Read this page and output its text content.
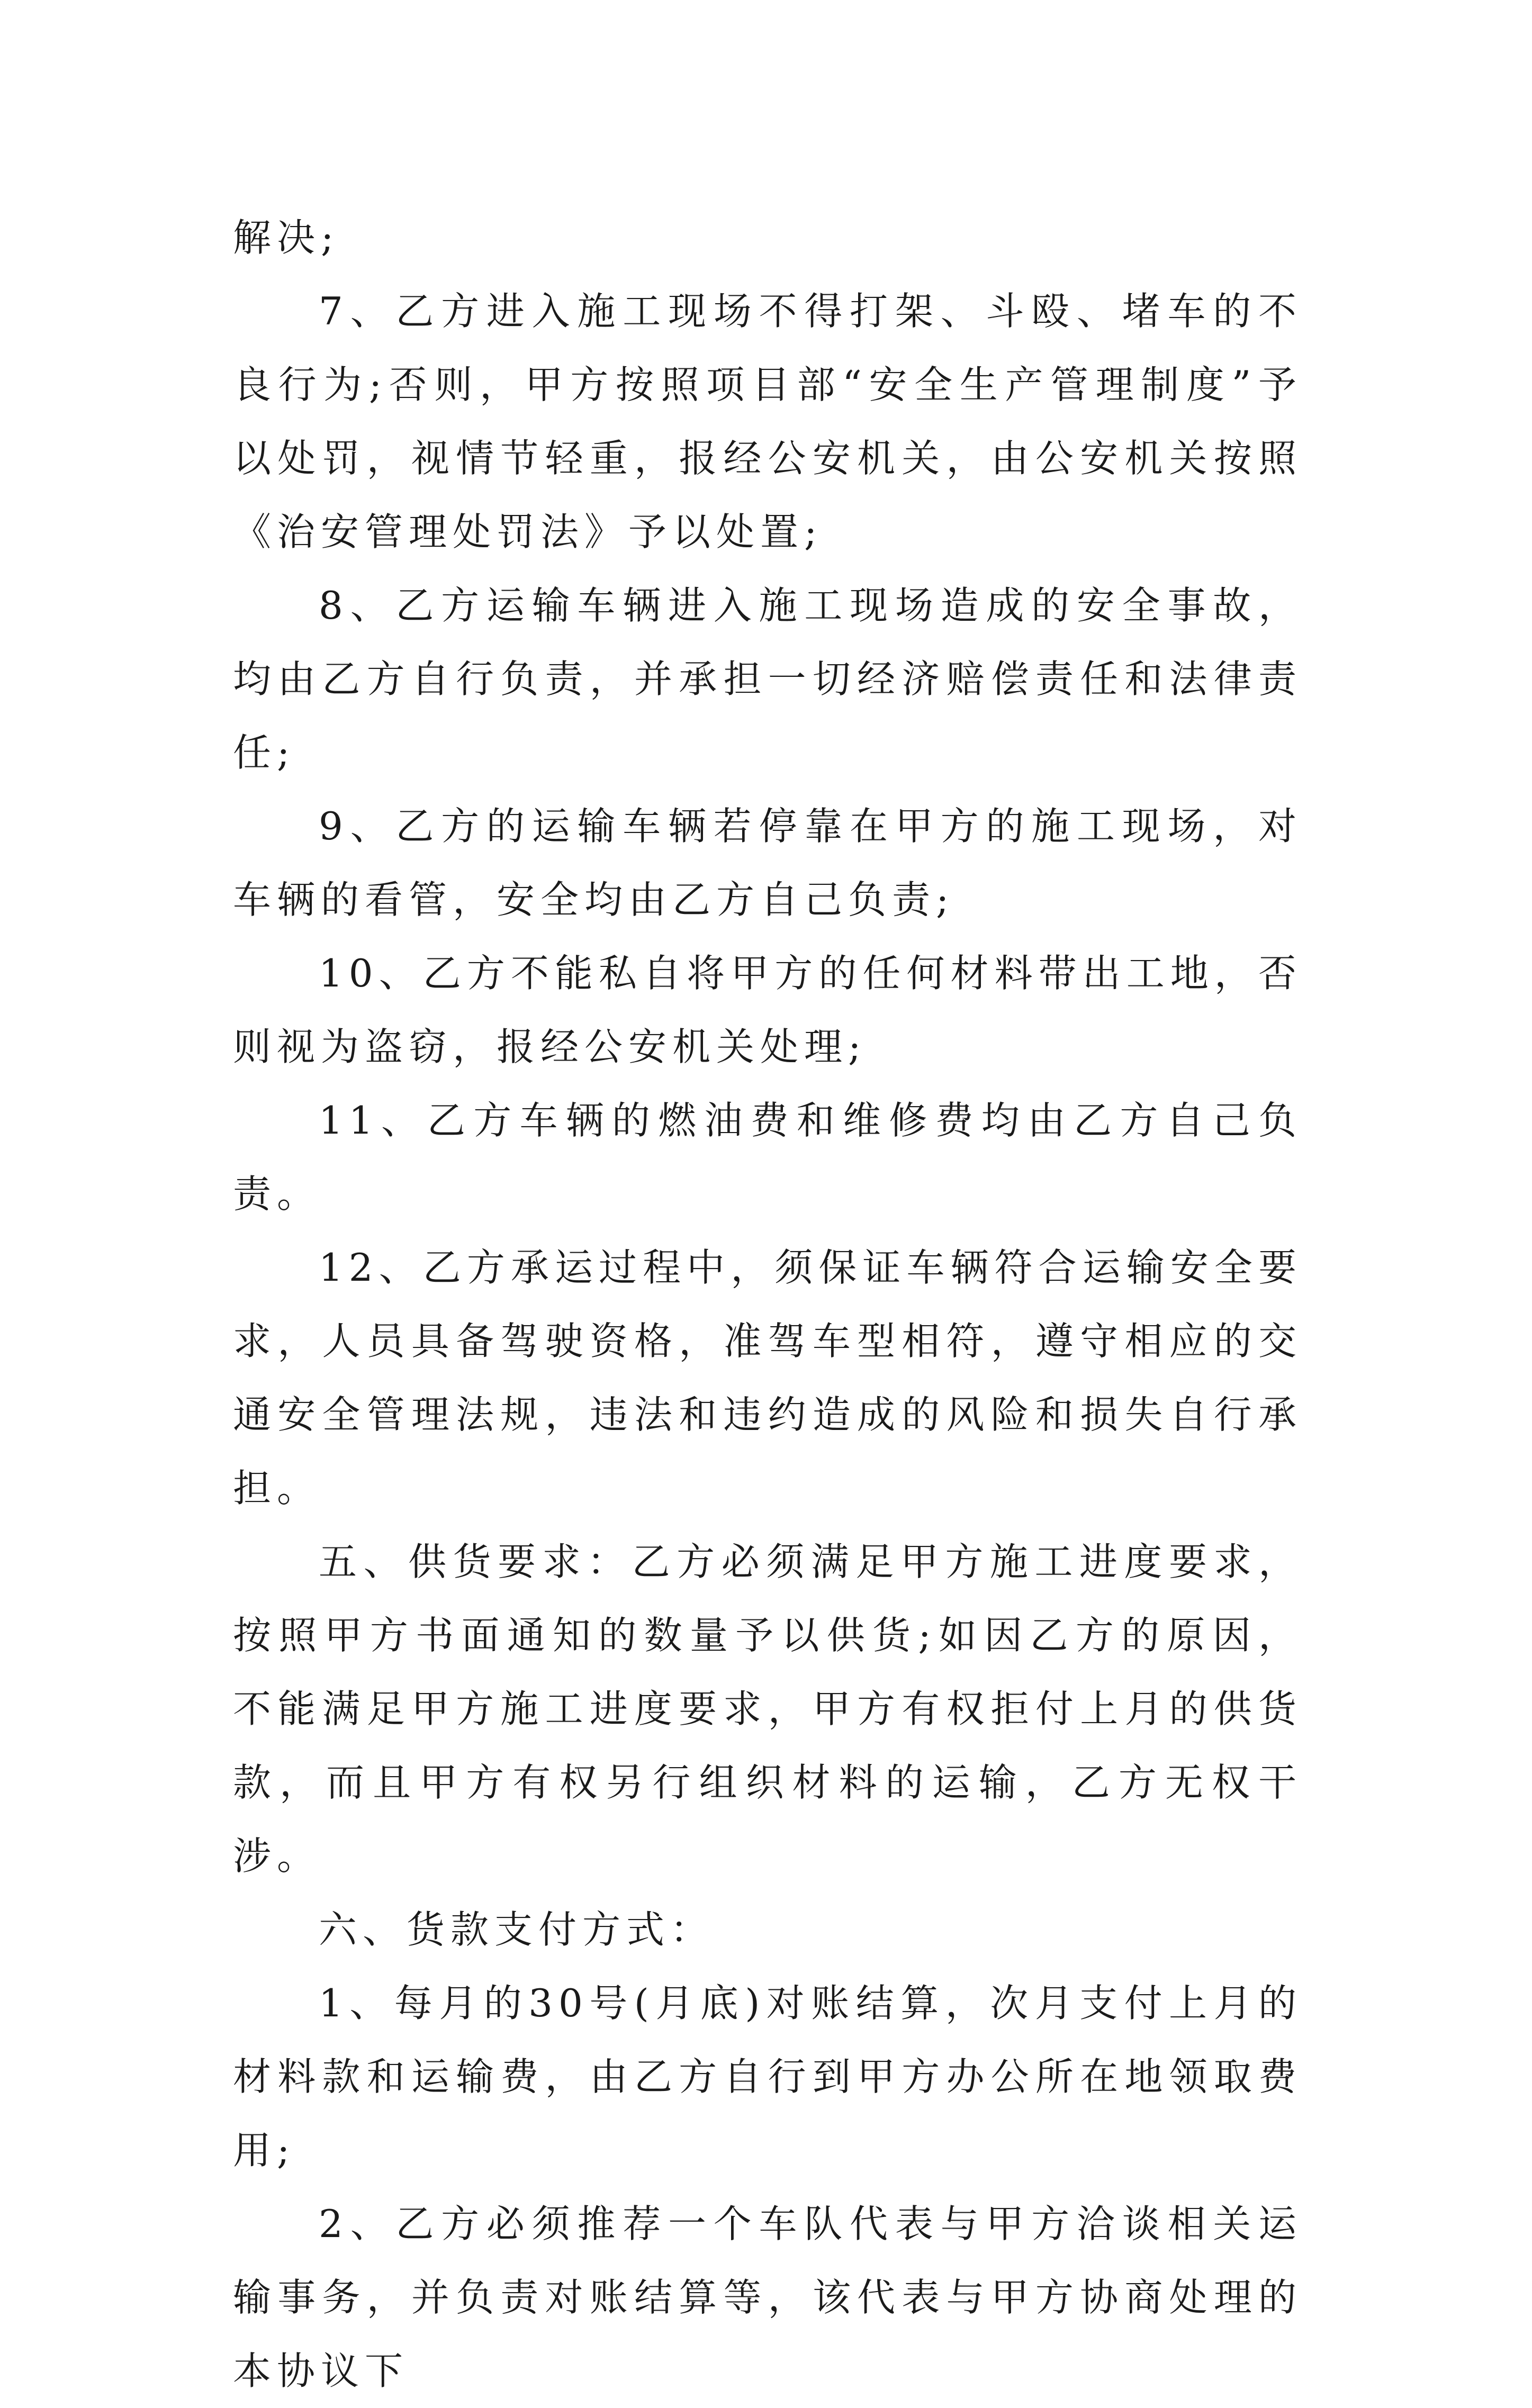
解决;

7、乙方进入施工现场不得打架、斗殴、堵车的不良行为;否则，甲方按照项目部“安全生产管理制度”予以处罚，视情节轻重，报经公安机关，由公安机关按照《治安管理处罚法》予以处置;

8、乙方运输车辆进入施工现场造成的安全事故，均由乙方自行负责，并承担一切经济赔偿责任和法律责任;

9、乙方的运输车辆若停靠在甲方的施工现场，对车辆的看管，安全均由乙方自己负责;

10、乙方不能私自将甲方的任何材料带出工地，否则视为盗窃，报经公安机关处理;

11、乙方车辆的燃油费和维修费均由乙方自己负责。

12、乙方承运过程中，须保证车辆符合运输安全要求，人员具备驾驶资格，准驾车型相符，遵守相应的交通安全管理法规，违法和违约造成的风险和损失自行承担。

五、供货要求：乙方必须满足甲方施工进度要求，按照甲方书面通知的数量予以供货;如因乙方的原因，不能满足甲方施工进度要求，甲方有权拒付上月的供货款，而且甲方有权另行组织材料的运输，乙方无权干涉。

六、货款支付方式：

1、每月的30号(月底)对账结算，次月支付上月的材料款和运输费，由乙方自行到甲方办公所在地领取费用;

2、乙方必须推荐一个车队代表与甲方洽谈相关运输事务，并负责对账结算等，该代表与甲方协商处理的本协议下
